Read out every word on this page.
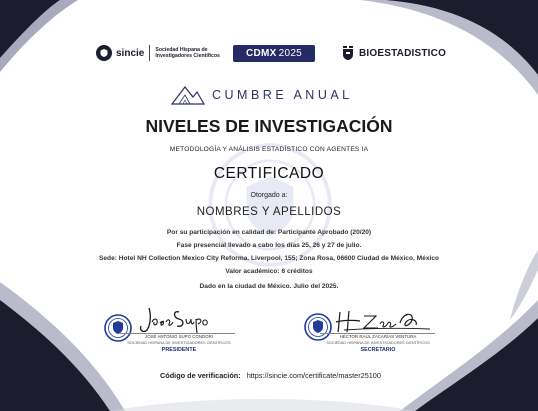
sincie Sociedad Hispana de Investigadores Científicos	CDMX 2025	BIOESTADISTICO
CUMBRE ANUAL
NIVELES DE INVESTIGACIÓN
METODOLOGÍA Y ANÁLISIS ESTADÍSTICO CON AGENTES IA
CERTIFICADO
Otorgado a:
NOMBRES Y APELLIDOS
Por su participación en calidad de: Participante Aprobado (20/20)
Fase presencial llevado a cabo los días 25, 26 y 27 de julio.
Sede: Hotel NH Collection Mexico City Reforma. Liverpool, 155; Zona Rosa, 06600 Ciudad de México, México
Valor académico: 6 créditos
Dado en la ciudad de México. Julio del 2025.
JOSÉ ANTONIO SUPO CONDORI
SOCIEDAD HISPANA DE INVESTIGADORES CIENTÍFICOS
PRESIDENTE
HÉCTOR RAÚL ZACARÍAS VENTURA
SOCIEDAD HISPANA DE INVESTIGADORES CIENTÍFICOS
SECRETARIO
Código de verificación: https://sincie.com/certificate/master25100
